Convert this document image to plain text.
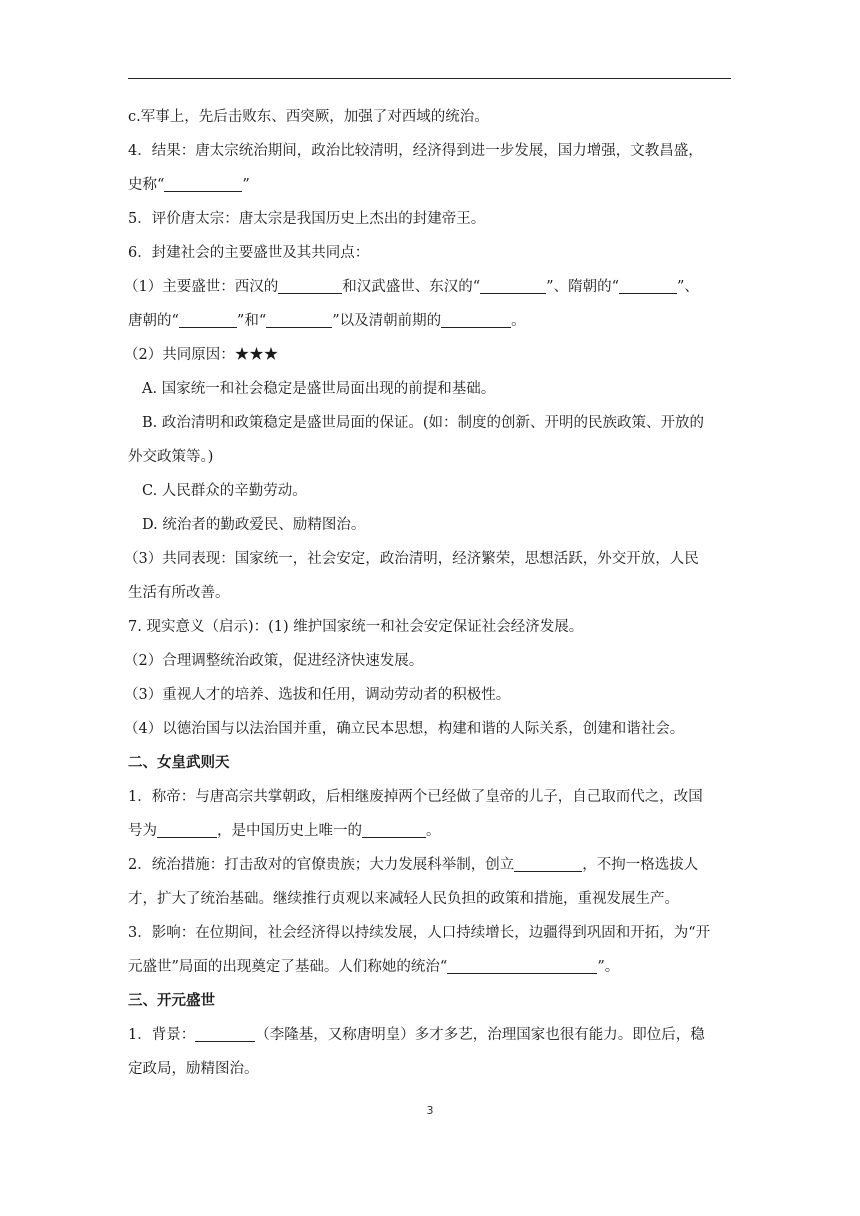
c.军事上，先后击败东、西突厥，加强了对西域的统治。
4．结果：唐太宗统治期间，政治比较清明，经济得到进一步发展，国力增强，文教昌盛，
史称“	”
5．评价唐太宗：唐太宗是我国历史上杰出的封建帝王。
6．封建社会的主要盛世及其共同点：
（1）主要盛世：西汉的	和汉武盛世、东汉的“	”、隋朝的“	”、
唐朝的“	”和“	”以及清朝前期的	。
（2）共同原因：★★★
A. 国家统一和社会稳定是盛世局面出现的前提和基础。
B. 政治清明和政策稳定是盛世局面的保证。(如：制度的创新、开明的民族政策、开放的
外交政策等。)
C. 人民群众的辛勤劳动。
D. 统治者的勤政爱民、励精图治。
（3）共同表现：国家统一，社会安定，政治清明，经济繁荣，思想活跃，外交开放，人民
生活有所改善。
7. 现实意义（启示)：(1) 维护国家统一和社会安定保证社会经济发展。
（2）合理调整统治政策，促进经济快速发展。
（3）重视人才的培养、选拔和任用，调动劳动者的积极性。
（4）以德治国与以法治国并重，确立民本思想，构建和谐的人际关系，创建和谐社会。
二、女皇武则天
1．称帝：与唐高宗共掌朝政，后相继废掉两个已经做了皇帝的儿子，自己取而代之，改国
号为	，是中国历史上唯一的	。
2．统治措施：打击敌对的官僚贵族；大力发展科举制，创立	，不拘一格选拔人
才，扩大了统治基础。继续推行贞观以来减轻人民负担的政策和措施，重视发展生产。
3．影响：在位期间，社会经济得以持续发展，人口持续增长，边疆得到巩固和开拓，为“开
元盛世”局面的出现奠定了基础。人们称她的统治“	”。
三、开元盛世
1．背景：	（李隆基，又称唐明皇）多才多艺，治理国家也很有能力。即位后，稳
定政局，励精图治。
3
